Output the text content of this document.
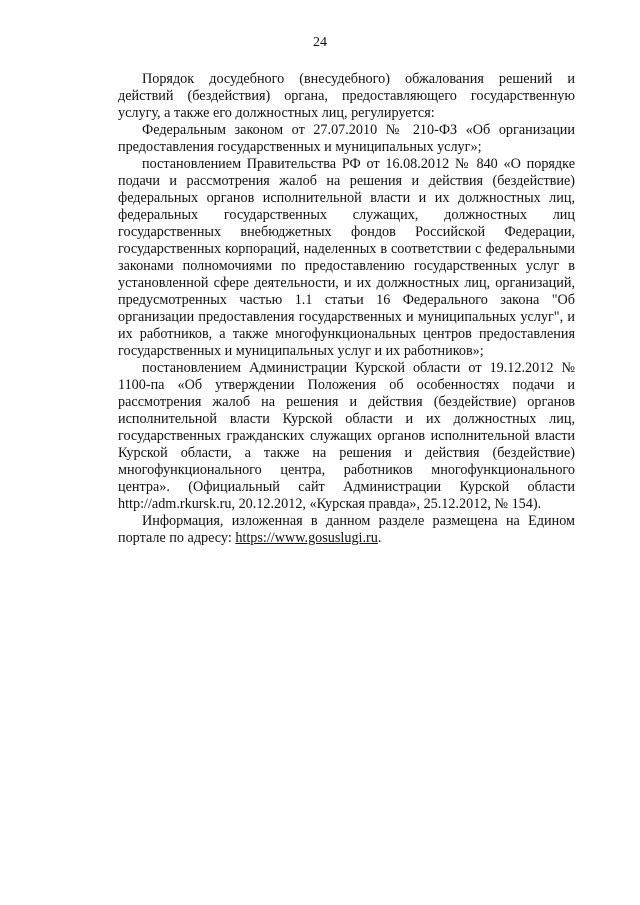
24

Порядок досудебного (внесудебного) обжалования решений и действий (бездействия) органа, предоставляющего государственную услугу, а также его должностных лиц, регулируется:

Федеральным законом от 27.07.2010 № 210-ФЗ «Об организации предоставления государственных и муниципальных услуг»;

постановлением Правительства РФ от 16.08.2012 № 840 «О порядке подачи и рассмотрения жалоб на решения и действия (бездействие) федеральных органов исполнительной власти и их должностных лиц, федеральных государственных служащих, должностных лиц государственных внебюджетных фондов Российской Федерации, государственных корпораций, наделенных в соответствии с федеральными законами полномочиями по предоставлению государственных услуг в установленной сфере деятельности, и их должностных лиц, организаций, предусмотренных частью 1.1 статьи 16 Федерального закона "Об организации предоставления государственных и муниципальных услуг", и их работников, а также многофункциональных центров предоставления государственных и муниципальных услуг и их работников»;

постановлением Администрации Курской области от 19.12.2012 № 1100-па «Об утверждении Положения об особенностях подачи и рассмотрения жалоб на решения и действия (бездействие) органов исполнительной власти Курской области и их должностных лиц, государственных гражданских служащих органов исполнительной власти Курской области, а также на решения и действия (бездействие) многофункционального центра, работников многофункционального центра». (Официальный сайт Администрации Курской области http://adm.rkursk.ru, 20.12.2012, «Курская правда», 25.12.2012, № 154).

Информация, изложенная в данном разделе размещена на Едином портале по адресу: https://www.gosuslugi.ru.
